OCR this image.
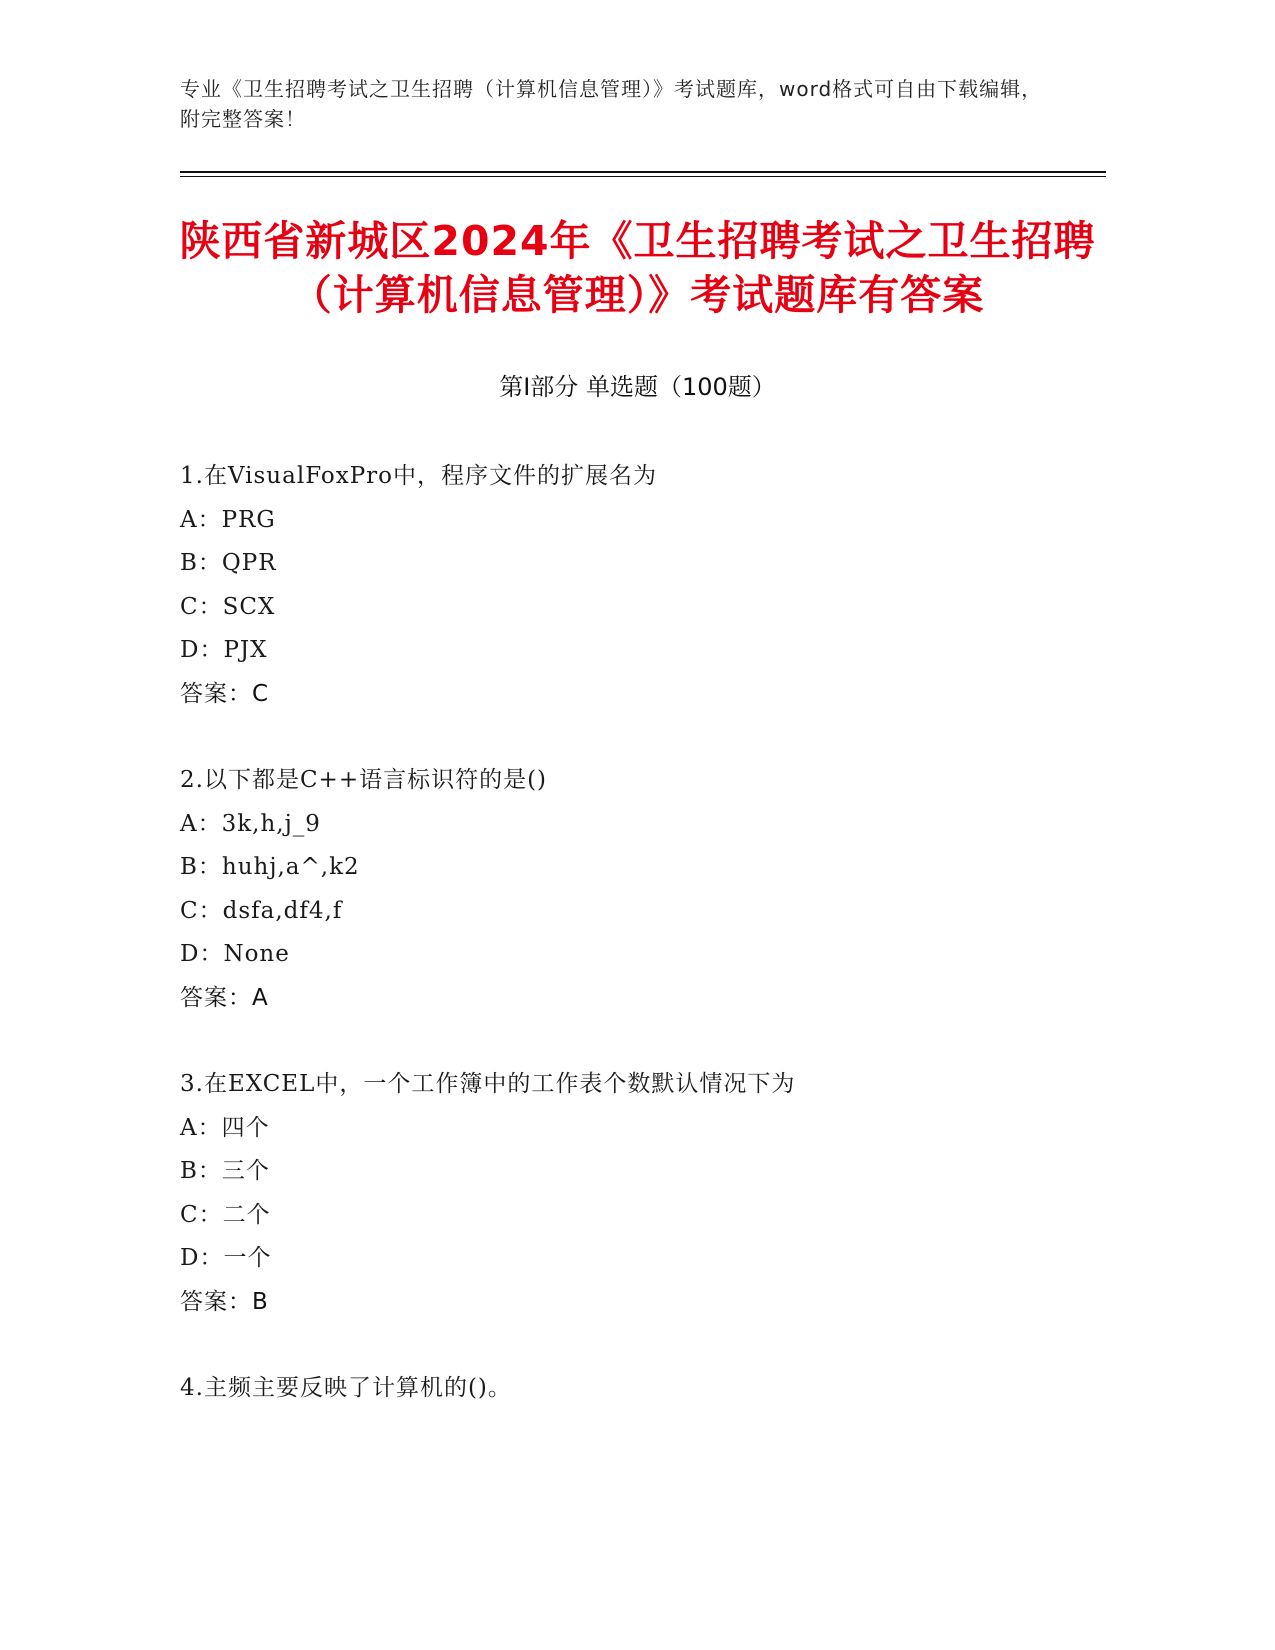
专业《卫生招聘考试之卫生招聘（计算机信息管理）》考试题库，word格式可自由下载编辑，附完整答案！
陕西省新城区2024年《卫生招聘考试之卫生招聘（计算机信息管理）》考试题库有答案
第I部分 单选题（100题）
1.在VisualFoxPro中，程序文件的扩展名为
A：PRG
B：QPR
C：SCX
D：PJX
答案：C
2.以下都是C++语言标识符的是()
A：3k,h,j_9
B：huhj,a^,k2
C：dsfa,df4,f
D：None
答案：A
3.在EXCEL中，一个工作簿中的工作表个数默认情况下为
A：四个
B：三个
C：二个
D：一个
答案：B
4.主频主要反映了计算机的()。
